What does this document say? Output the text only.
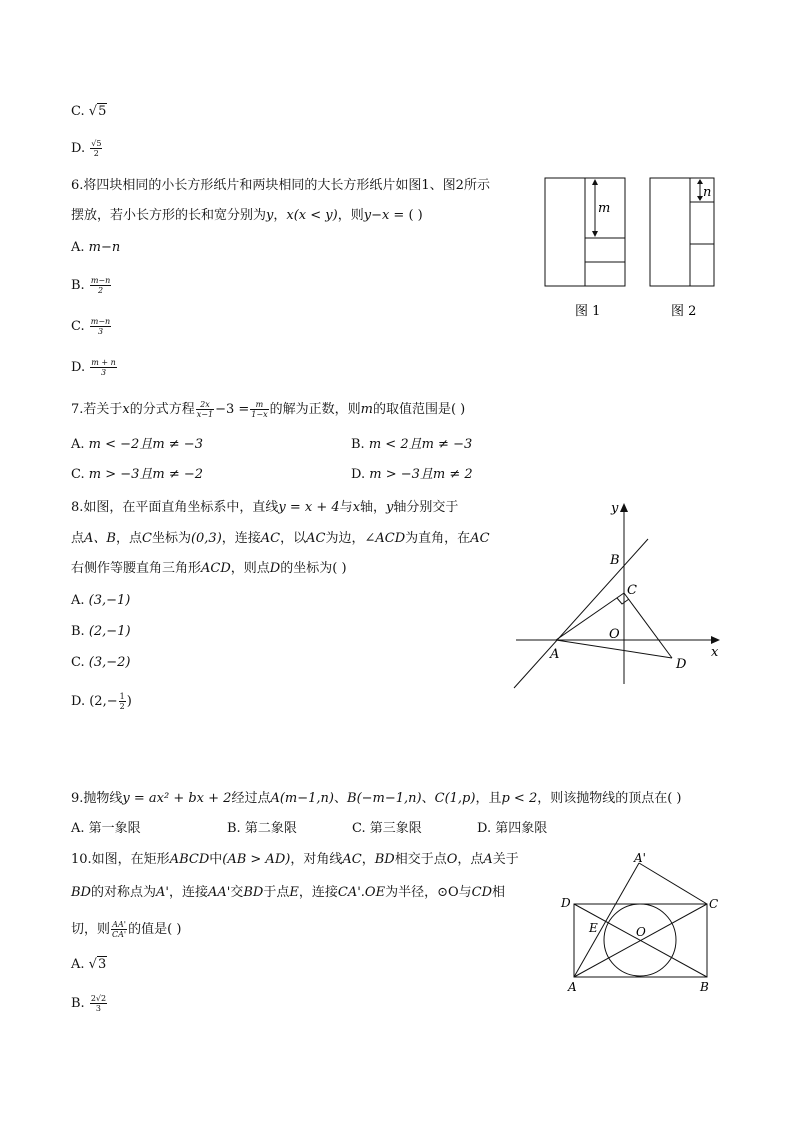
C. √5
D. $\frac{√5}{2}$
6.将四块相同的小长方形纸片和两块相同的大长方形纸片如图1、图2所示
摆放，若小长方形的长和宽分别为y，x(x < y)，则y−x = ( )
A. m−n
B. $\frac{m-n}{2}$
C. $\frac{m-n}{3}$
D. $\frac{m + n}{3}$
m
图 1
n
图 2
7.若关于x的分式方程 $\frac{2x}{x-1} -3 = \frac{m}{1-x}$ 的解为正数，则m的取值范围是( )
A. m < −2且m ≠ −3	B. m < 2且m ≠ −3
C. m > −3且m ≠ −2	D. m > −3且m ≠ 2
8.如图，在平面直角坐标系中，直线y = x + 4与x轴，y轴分别交于
点A、B，点C坐标为(0,3)，连接AC，以AC为边，∠ACD为直角，在AC
右侧作等腰直角三角形ACD，则点D的坐标为( )
A. (3,−1)
B. (2,−1)
C. (3,−2)
D. ($2,- \frac{1}{2}$ )
y
x
B
C
O
A
D
9.抛物线y = ax² + bx + 2经过点A(m−1,n)、B(−m−1,n)、C(1,p)，且p < 2，则该抛物线的顶点在( )
A. 第一象限	B. 第二象限	C. 第三象限	D. 第四象限
10.如图，在矩形ABCD中(AB > AD)，对角线AC，BD相交于点O，点A关于
BD的对称点为A'，连接AA'交BD于点E，连接CA'.OE为半径，⊙O与CD相
切，则 $\frac{AA'}{CA'}$ 的值是( )
A. √3
B. $\frac{2√2}{3}$
A'
D	C
E	O
A	B
